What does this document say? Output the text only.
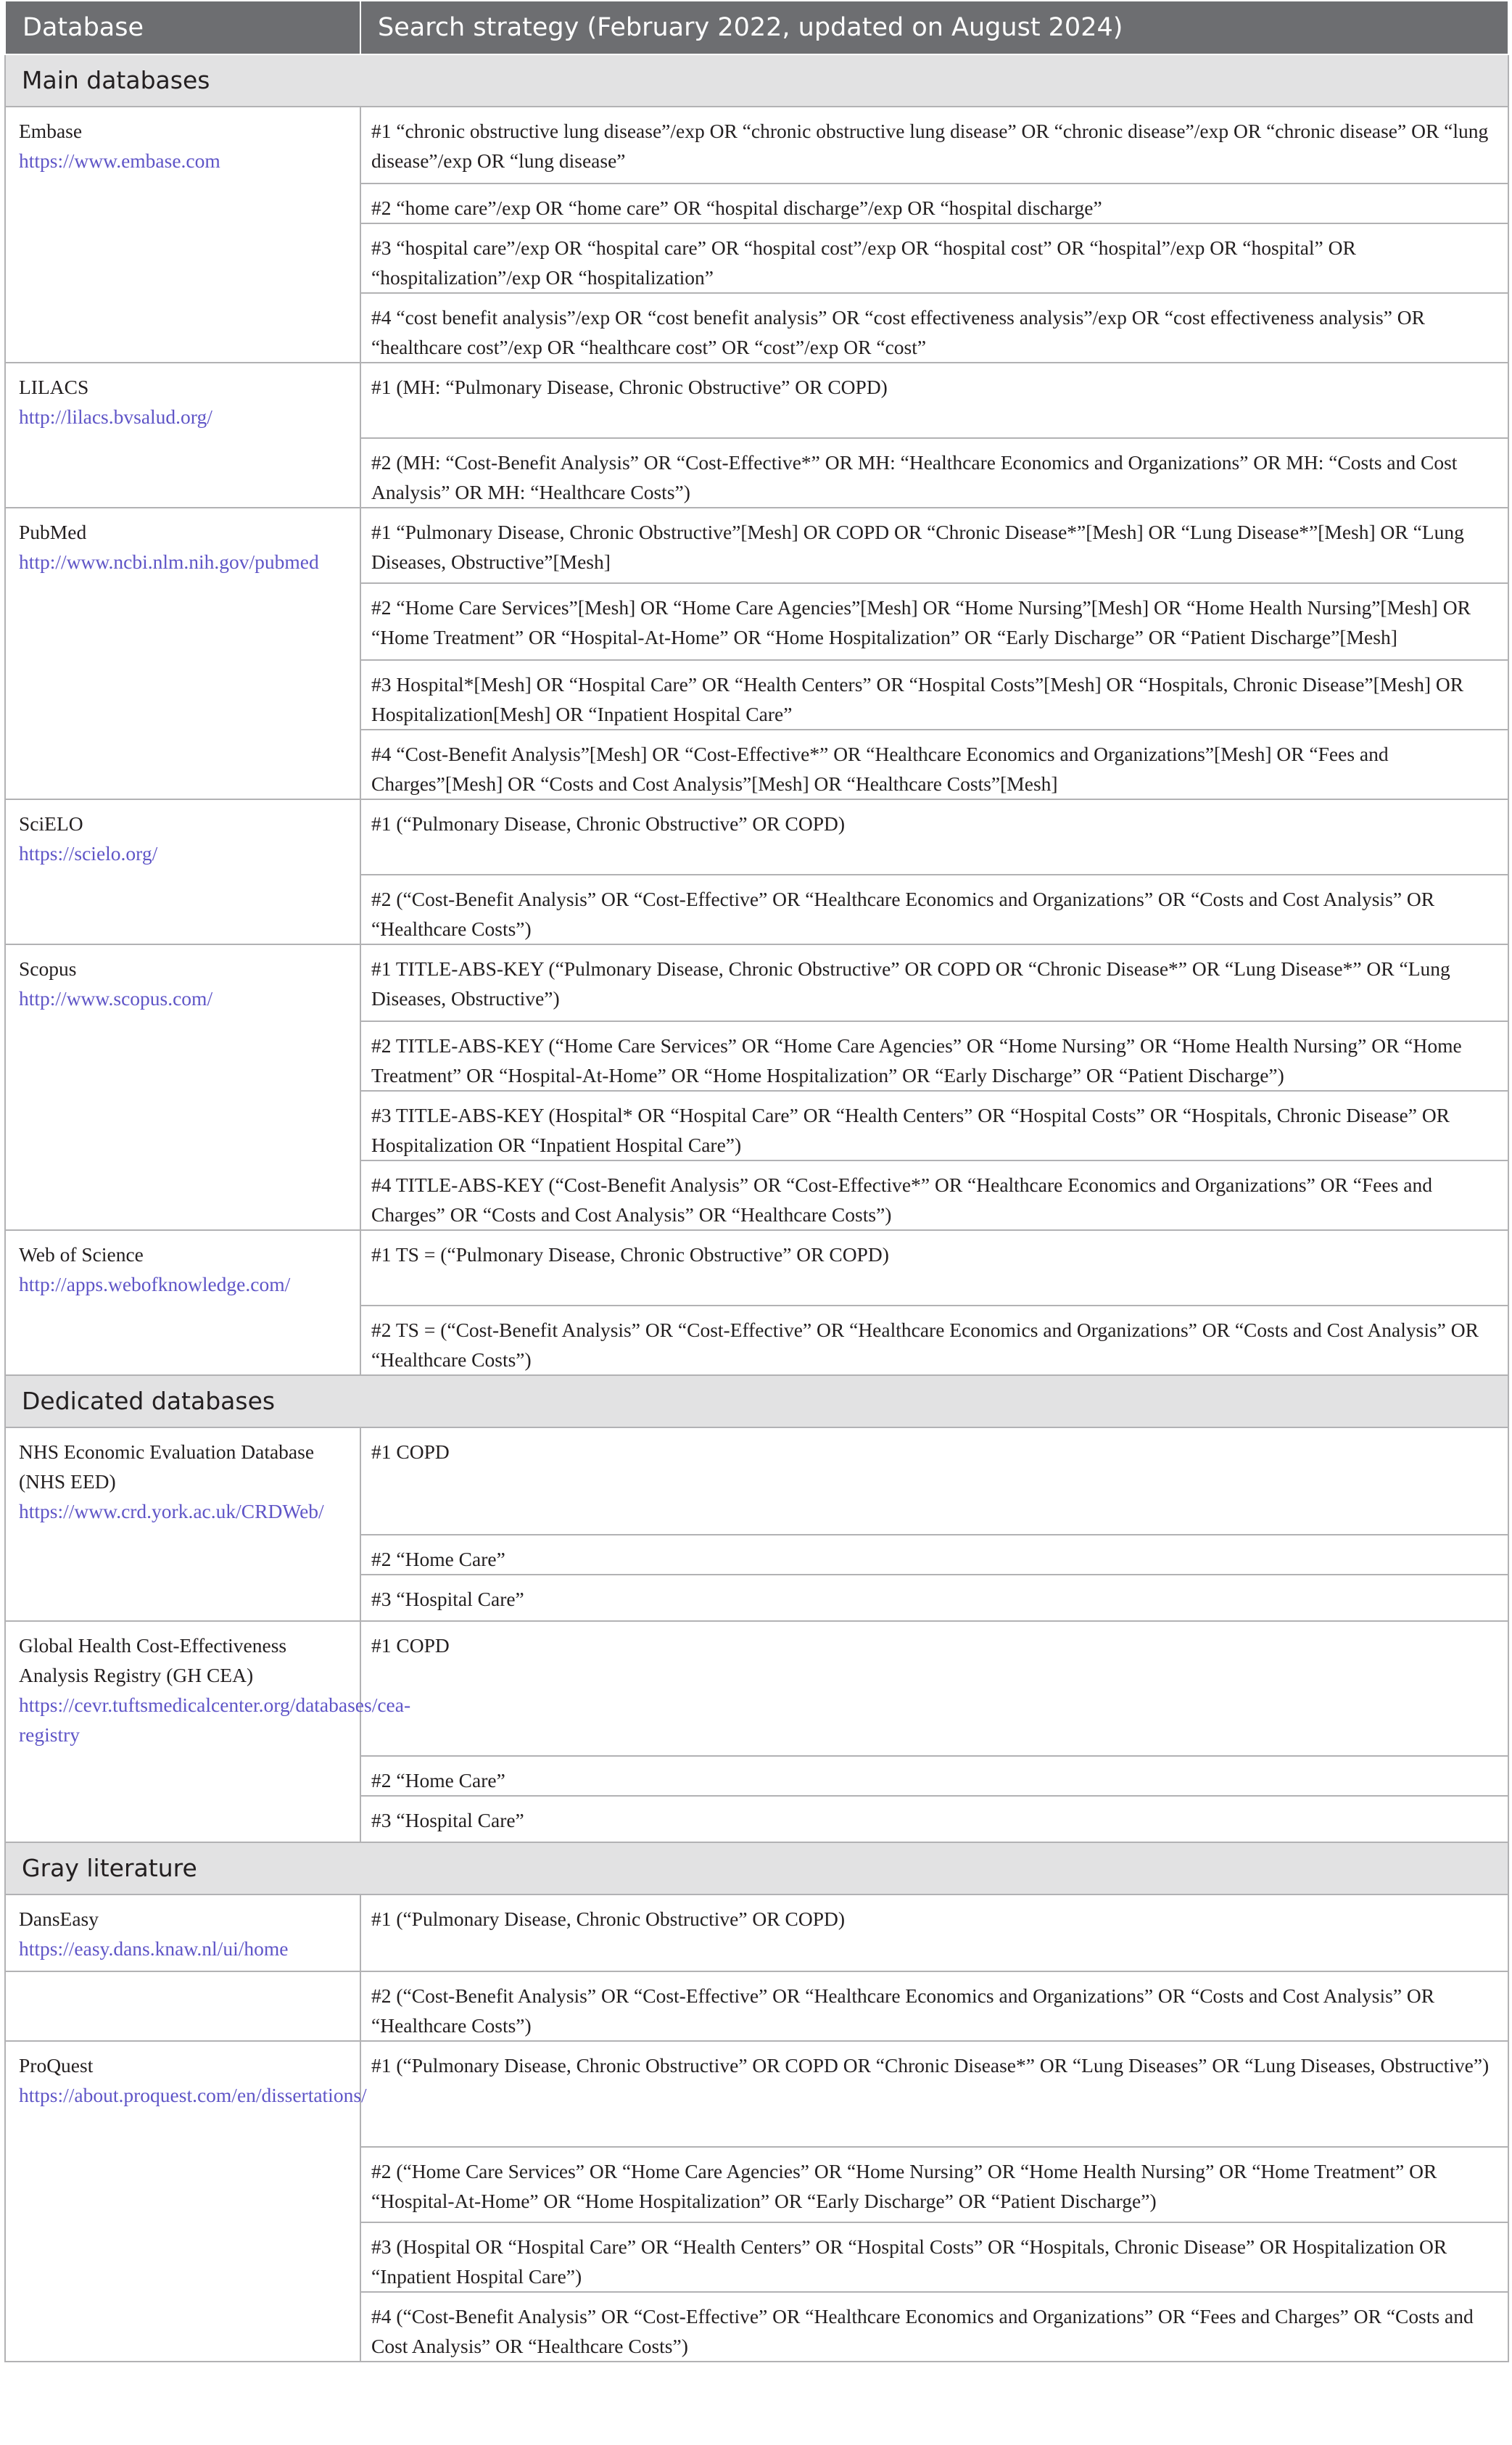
Database	Search strategy (February 2022, updated on August 2024)
Main databases	

Embase
https://www.embase.com	#1 “chronic obstructive lung disease”/exp OR “chronic obstructive lung disease” OR “chronic disease”/exp OR “chronic disease” OR “lung disease”/exp OR “lung disease”
	#2 “home care”/exp OR “home care” OR “hospital discharge”/exp OR “hospital discharge”
	#3 “hospital care”/exp OR “hospital care” OR “hospital cost”/exp OR “hospital cost” OR “hospital”/exp OR “hospital” OR “hospitalization”/exp OR “hospitalization”
	#4 “cost benefit analysis”/exp OR “cost benefit analysis” OR “cost effectiveness analysis”/exp OR “cost effectiveness analysis” OR “healthcare cost”/exp OR “healthcare cost” OR “cost”/exp OR “cost”

LILACS
http://lilacs.bvsalud.org/	#1 (MH: “Pulmonary Disease, Chronic Obstructive” OR COPD)
	#2 (MH: “Cost-Benefit Analysis” OR “Cost-Effective*” OR MH: “Healthcare Economics and Organizations” OR MH: “Costs and Cost Analysis” OR MH: “Healthcare Costs”)

PubMed
http://www.ncbi.nlm.nih.gov/pubmed	#1 “Pulmonary Disease, Chronic Obstructive”[Mesh] OR COPD OR “Chronic Disease*”[Mesh] OR “Lung Disease*”[Mesh] OR “Lung Diseases, Obstructive”[Mesh]
	#2 “Home Care Services”[Mesh] OR “Home Care Agencies”[Mesh] OR “Home Nursing”[Mesh] OR “Home Health Nursing”[Mesh] OR “Home Treatment” OR “Hospital-At-Home” OR “Home Hospitalization” OR “Early Discharge” OR “Patient Discharge”[Mesh]
	#3 Hospital*[Mesh] OR “Hospital Care” OR “Health Centers” OR “Hospital Costs”[Mesh] OR “Hospitals, Chronic Disease”[Mesh] OR Hospitalization[Mesh] OR “Inpatient Hospital Care”
	#4 “Cost-Benefit Analysis”[Mesh] OR “Cost-Effective*” OR “Healthcare Economics and Organizations”[Mesh] OR “Fees and Charges”[Mesh] OR “Costs and Cost Analysis”[Mesh] OR “Healthcare Costs”[Mesh]

SciELO
https://scielo.org/	#1 (“Pulmonary Disease, Chronic Obstructive” OR COPD)
	#2 (“Cost-Benefit Analysis” OR “Cost-Effective” OR “Healthcare Economics and Organizations” OR “Costs and Cost Analysis” OR “Healthcare Costs”)

Scopus
http://www.scopus.com/	#1 TITLE-ABS-KEY (“Pulmonary Disease, Chronic Obstructive” OR COPD OR “Chronic Disease*” OR “Lung Disease*” OR “Lung Diseases, Obstructive”)
	#2 TITLE-ABS-KEY (“Home Care Services” OR “Home Care Agencies” OR “Home Nursing” OR “Home Health Nursing” OR “Home Treatment” OR “Hospital-At-Home” OR “Home Hospitalization” OR “Early Discharge” OR “Patient Discharge”)
	#3 TITLE-ABS-KEY (Hospital* OR “Hospital Care” OR “Health Centers” OR “Hospital Costs” OR “Hospitals, Chronic Disease” OR Hospitalization OR “Inpatient Hospital Care”)
	#4 TITLE-ABS-KEY (“Cost-Benefit Analysis” OR “Cost-Effective*” OR “Healthcare Economics and Organizations” OR “Fees and Charges” OR “Costs and Cost Analysis” OR “Healthcare Costs”)

Web of Science
http://apps.webofknowledge.com/	#1 TS = (“Pulmonary Disease, Chronic Obstructive” OR COPD)
	#2 TS = (“Cost-Benefit Analysis” OR “Cost-Effective” OR “Healthcare Economics and Organizations” OR “Costs and Cost Analysis” OR “Healthcare Costs”)
Dedicated databases	

NHS Economic Evaluation Database (NHS EED)
https://www.crd.york.ac.uk/CRDWeb/	#1 COPD
	#2 “Home Care”
	#3 “Hospital Care”

Global Health Cost-Effectiveness Analysis Registry (GH CEA)
https://cevr.tuftsmedicalcenter.org/databases/cea-registry	#1 COPD
	#2 “Home Care”
	#3 “Hospital Care”
Gray literature	

DansEasy
https://easy.dans.knaw.nl/ui/home	#1 (“Pulmonary Disease, Chronic Obstructive” OR COPD)

	#2 (“Cost-Benefit Analysis” OR “Cost-Effective” OR “Healthcare Economics and Organizations” OR “Costs and Cost Analysis” OR “Healthcare Costs”)

ProQuest
https://about.proquest.com/en/dissertations/	#1 (“Pulmonary Disease, Chronic Obstructive” OR COPD OR “Chronic Disease*” OR “Lung Diseases” OR “Lung Diseases, Obstructive”)
	#2 (“Home Care Services” OR “Home Care Agencies” OR “Home Nursing” OR “Home Health Nursing” OR “Home Treatment” OR “Hospital-At-Home” OR “Home Hospitalization” OR “Early Discharge” OR “Patient Discharge”)
	#3 (Hospital OR “Hospital Care” OR “Health Centers” OR “Hospital Costs” OR “Hospitals, Chronic Disease” OR Hospitalization OR “Inpatient Hospital Care”)
	#4 (“Cost-Benefit Analysis” OR “Cost-Effective” OR “Healthcare Economics and Organizations” OR “Fees and Charges” OR “Costs and Cost Analysis” OR “Healthcare Costs”)
